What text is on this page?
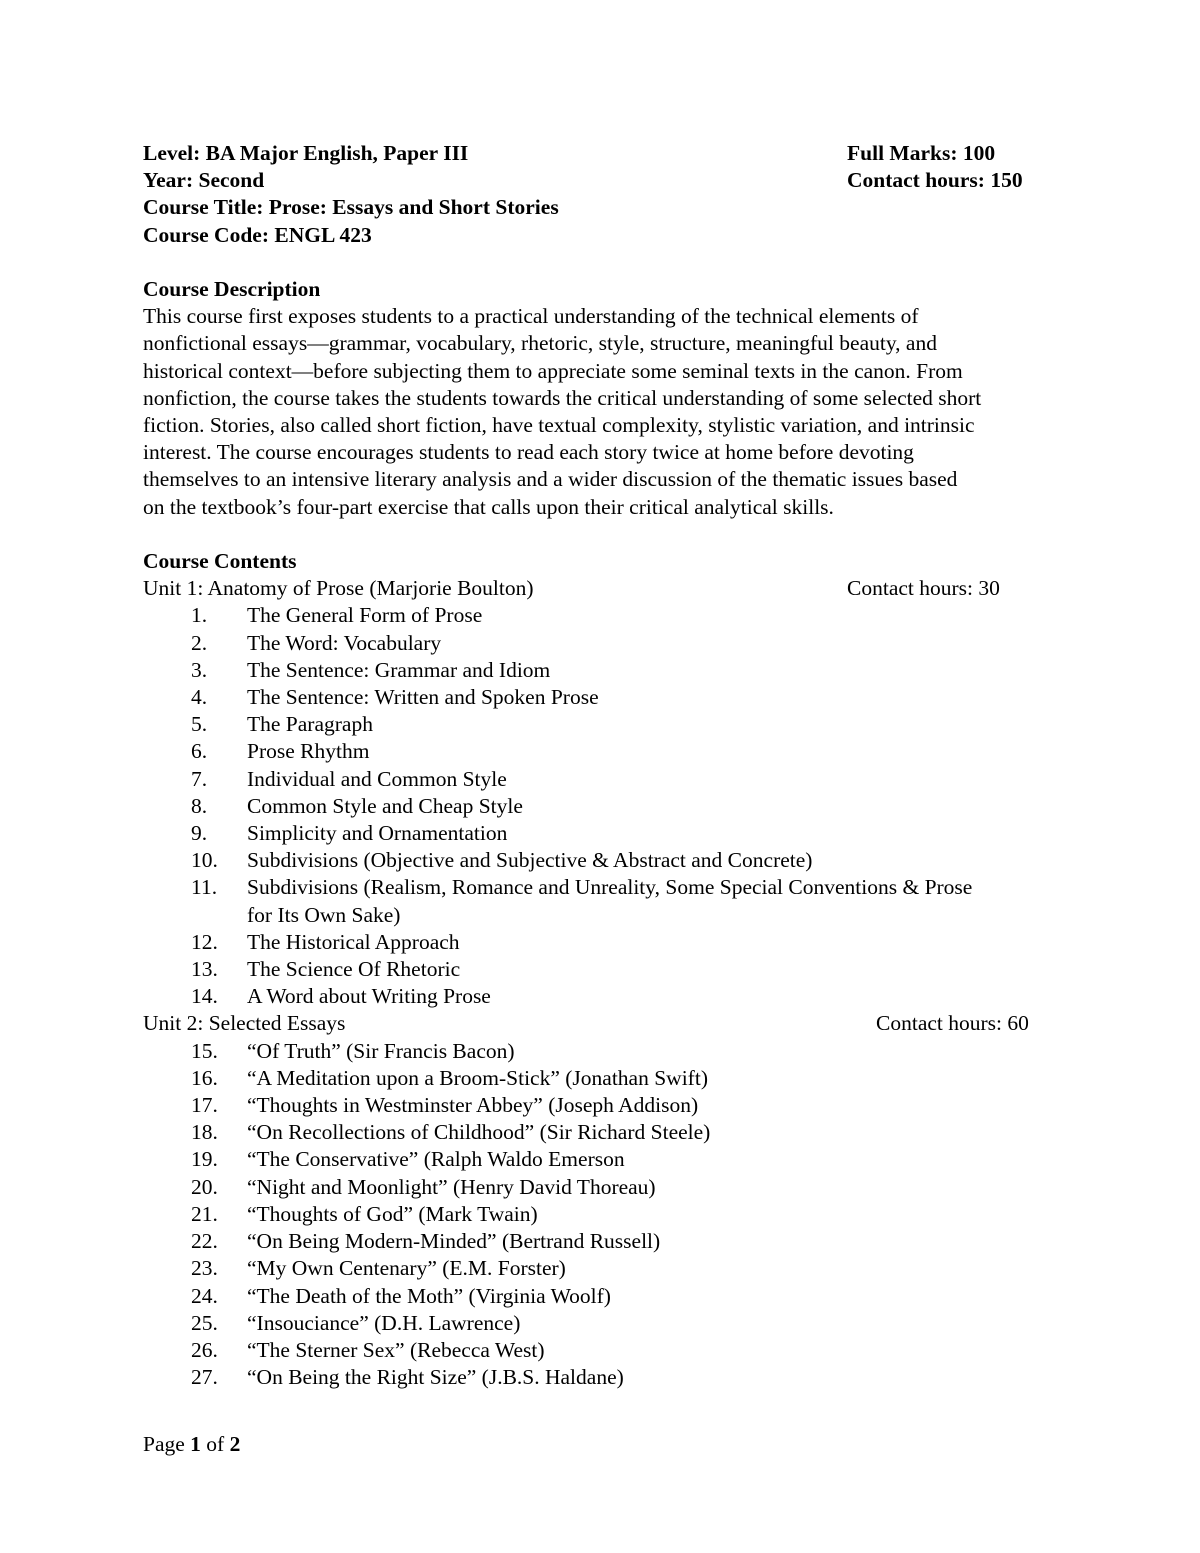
Level: BA Major English, Paper III	Full Marks: 100
Year: Second	Contact hours: 150
Course Title: Prose: Essays and Short Stories
Course Code: ENGL 423
Course Description
This course first exposes students to a practical understanding of the technical elements of
nonfictional essays—grammar, vocabulary, rhetoric, style, structure, meaningful beauty, and
historical context—before subjecting them to appreciate some seminal texts in the canon. From
nonfiction, the course takes the students towards the critical understanding of some selected short
fiction. Stories, also called short fiction, have textual complexity, stylistic variation, and intrinsic
interest. The course encourages students to read each story twice at home before devoting
themselves to an intensive literary analysis and a wider discussion of the thematic issues based
on the textbook’s four-part exercise that calls upon their critical analytical skills.
Course Contents
Unit 1: Anatomy of Prose (Marjorie Boulton)	Contact hours: 30
1.	The General Form of Prose
2.	The Word: Vocabulary
3.	The Sentence: Grammar and Idiom
4.	The Sentence: Written and Spoken Prose
5.	The Paragraph
6.	Prose Rhythm
7.	Individual and Common Style
8.	Common Style and Cheap Style
9.	Simplicity and Ornamentation
10.	Subdivisions (Objective and Subjective & Abstract and Concrete)
11.	Subdivisions (Realism, Romance and Unreality, Some Special Conventions & Prose
for Its Own Sake)
12.	The Historical Approach
13.	The Science Of Rhetoric
14.	A Word about Writing Prose
Unit 2: Selected Essays	Contact hours: 60
15.	“Of Truth” (Sir Francis Bacon)
16.	“A Meditation upon a Broom-Stick” (Jonathan Swift)
17.	“Thoughts in Westminster Abbey” (Joseph Addison)
18.	“On Recollections of Childhood” (Sir Richard Steele)
19.	“The Conservative” (Ralph Waldo Emerson
20.	“Night and Moonlight” (Henry David Thoreau)
21.	“Thoughts of God” (Mark Twain)
22.	“On Being Modern-Minded” (Bertrand Russell)
23.	“My Own Centenary” (E.M. Forster)
24.	“The Death of the Moth” (Virginia Woolf)
25.	“Insouciance” (D.H. Lawrence)
26.	“The Sterner Sex” (Rebecca West)
27.	“On Being the Right Size” (J.B.S. Haldane)
Page 1 of 2
